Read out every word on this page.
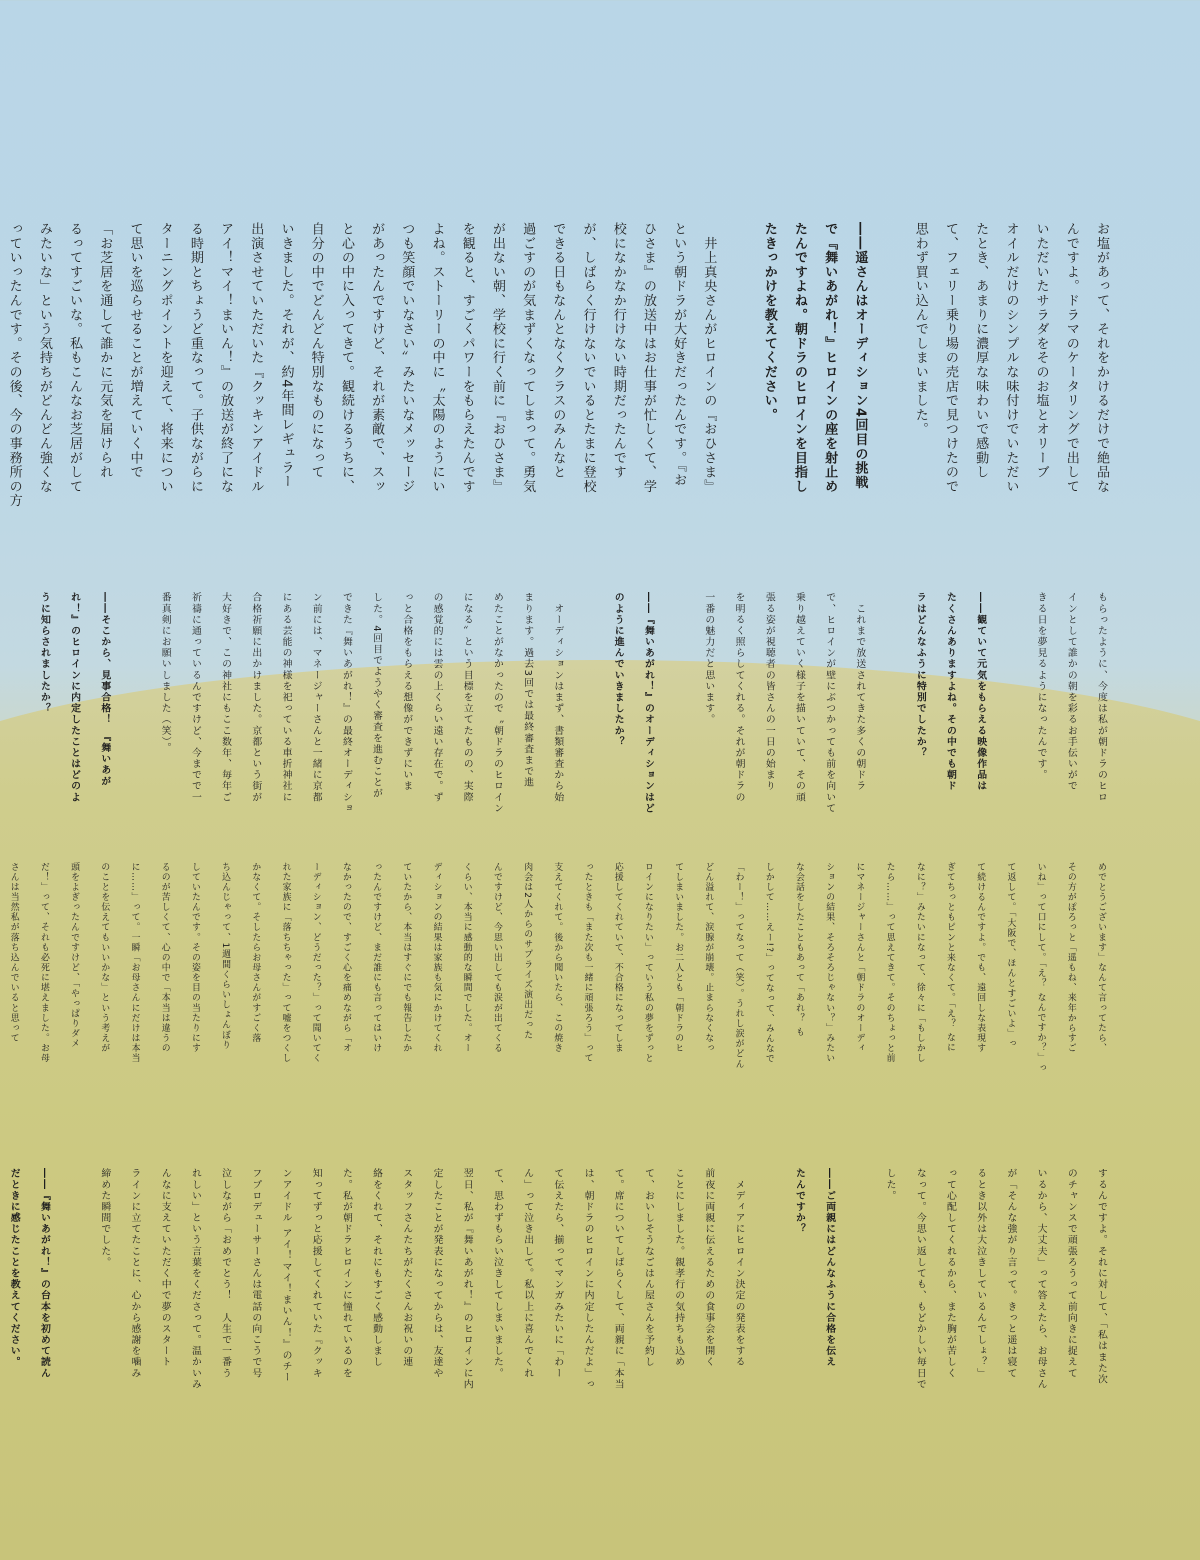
お塩があって、それをかけるだけで絶品な

んですよ。ドラマのケータリングで出して

いただいたサラダをそのお塩とオリーブ

オイルだけのシンプルな味付けでいただい

たとき、あまりに濃厚な味わいで感動し

て、フェリー乗り場の売店で見つけたので

思わず買い込んでしまいました。

――遥さんはオーディション4回目の挑戦

で『舞いあがれ！』ヒロインの座を射止め

たんですよね。朝ドラのヒロインを目指し

たきっかけを教えてください。

　井上真央さんがヒロインの『おひさま』

という朝ドラが大好きだったんです。『お

ひさま』の放送中はお仕事が忙しくて、学

校になかなか行けない時期だったんです

が、しばらく行けないでいるとたまに登校

できる日もなんとなくクラスのみんなと

過ごすのが気まずくなってしまって。勇気

が出ない朝、学校に行く前に『おひさま』

を観ると、すごくパワーをもらえたんです

よね。ストーリーの中に〝太陽のようにい

つも笑顔でいなさい〟みたいなメッセージ

があったんですけど、それが素敵で、スッ

と心の中に入ってきて。観続けるうちに、

自分の中でどんどん特別なものになって

いきました。それが、約4年間レギュラー

出演させていただいた『クッキンアイドル

アイ！マイ！まいん！』の放送が終了にな

る時期とちょうど重なって。子供ながらに

ターニングポイントを迎えて、将来につい

て思いを巡らせることが増えていく中で

「お芝居を通して誰かに元気を届けられ

るってすごいな。私もこんなお芝居がして

みたいな」という気持ちがどんどん強くな

っていったんです。その後、今の事務所の方

もらったように、今度は私が朝ドラのヒロ

インとして誰かの朝を彩るお手伝いがで

きる日を夢見るようになったんです。

――観ていて元気をもらえる映像作品は

たくさんありますよね。その中でも朝ド

ラはどんなふうに特別でしたか？

　これまで放送されてきた多くの朝ドラ

で、ヒロインが壁にぶつかっても前を向いて

乗り越えていく様子を描いていて、その頑

張る姿が視聴者の皆さんの一日の始まり

を明るく照らしてくれる。それが朝ドラの

一番の魅力だと思います。

――『舞いあがれ！』のオーディションはど

のように進んでいきましたか？

　オーディションはまず、書類審査から始

まります。過去3回では最終審査まで進

めたことがなかったので〝朝ドラのヒロイン

になる〟という目標を立てたものの、実際

の感覚的には雲の上くらい遠い存在で。ず

っと合格をもらえる想像ができずにいま

した。4回目でようやく審査を進むことが

できた『舞いあがれ！』の最終オーディショ

ン前には、マネージャーさんと一緒に京都

にある芸能の神様を祀っている車折神社に

合格祈願に出かけました。京都という街が

大好きで、この神社にもここ数年、毎年ご

祈禱に通っているんですけど、今までで一

番真剣にお願いしました（笑）。

――そこから、見事合格！　『舞いあが

れ！』のヒロインに内定したことはどのよ

うに知らされましたか？

めでとうございます」なんて言ってたら、

その方がぽろっと「遥もね、来年からすご

いね」って口にして。「え？ なんですか？」っ

て返して。「大阪で、ほんとすごいよ」っ

て続けるんですよ。でも、遠回しな表現す

ぎてちっともピンと来なくて。「え？ なに

なに？」みたいになって、徐々に「もしかし

たら……」って思えてきて。そのちょっと前

にマネージャーさんと「朝ドラのオーディ

ションの結果、そろそろじゃない？」みたい

な会話をしたこともあって「あれ？ も

しかして……えー!?」ってなって、みんなで

「わー！」ってなって（笑）。うれし涙がどん

どん溢れて、涙腺が崩壊。止まらなくなっ

てしまいました。お二人とも「朝ドラのヒ

ロインになりたい」っていう私の夢をずっと

応援してくれていて、不合格になってしま

ったときも「また次も一緒に頑張ろう」って

支えてくれて。後から聞いたら、この焼き

肉会は2人からのサプライズ演出だった

んですけど、今思い出しても涙が出てくる

くらい、本当に感動的な瞬間でした。オー

ディションの結果は家族も気にかけてくれ

ていたから、本当はすぐにでも報告したか

ったんですけど、まだ誰にも言ってはいけ

なかったので、すごく心を痛めながら「オ

ーディション、どうだった？」って聞いてく

れた家族に「落ちちゃった」って嘘をつくし

かなくて。そしたらお母さんがすごく落

ち込んじゃって、1週間くらいしょんぼり

していたんです。その姿を目の当たりにす

るのが苦しくて、心の中で「本当は違うの

に……」って。一瞬「お母さんにだけは本当

のことを伝えてもいいかな」という考えが

頭をよぎったんですけど、「やっぱりダメ

だ！」って、それも必死に堪えました。お母

さんは当然私が落ち込んでいると思って

するんですよ。それに対して、「私はまた次

のチャンスで頑張ろうって前向きに捉えて

いるから、大丈夫」って答えたら、お母さん

が「そんな強がり言って。きっと遥は寝て

るとき以外は大泣きしているんでしょ？」

って心配してくれるから、また胸が苦しく

なって。今思い返しても、もどかしい毎日で

した。

――ご両親にはどんなふうに合格を伝え

たんですか？

　メディアにヒロイン決定の発表をする

前夜に両親に伝えるための食事会を開く

ことにしました。親孝行の気持ちも込め

て、おいしそうなごはん屋さんを予約し

て。席についてしばらくして、両親に「本当

は、朝ドラのヒロインに内定したんだよ」っ

て伝えたら、揃ってマンガみたいに「わー

ん」って泣き出して。私以上に喜んでくれ

て、思わずもらい泣きしてしまいました。

翌日、私が『舞いあがれ！』のヒロインに内

定したことが発表になってからは、友達や

スタッフさんたちがたくさんお祝いの連

絡をくれて、それにもすごく感動しまし

た。私が朝ドラヒロインに憧れているのを

知ってずっと応援してくれていた『クッキ

ンアイドル アイ！マイ！まいん！』のチー

フプロデューサーさんは電話の向こうで号

泣しながら「おめでとう！　人生で一番う

れしい」という言葉をくださって。温かいみ

んなに支えていただく中で夢のスタート

ラインに立てたことに、心から感謝を噛み

締めた瞬間でした。

――『舞いあがれ！』の台本を初めて読ん

だときに感じたことを教えてください。
